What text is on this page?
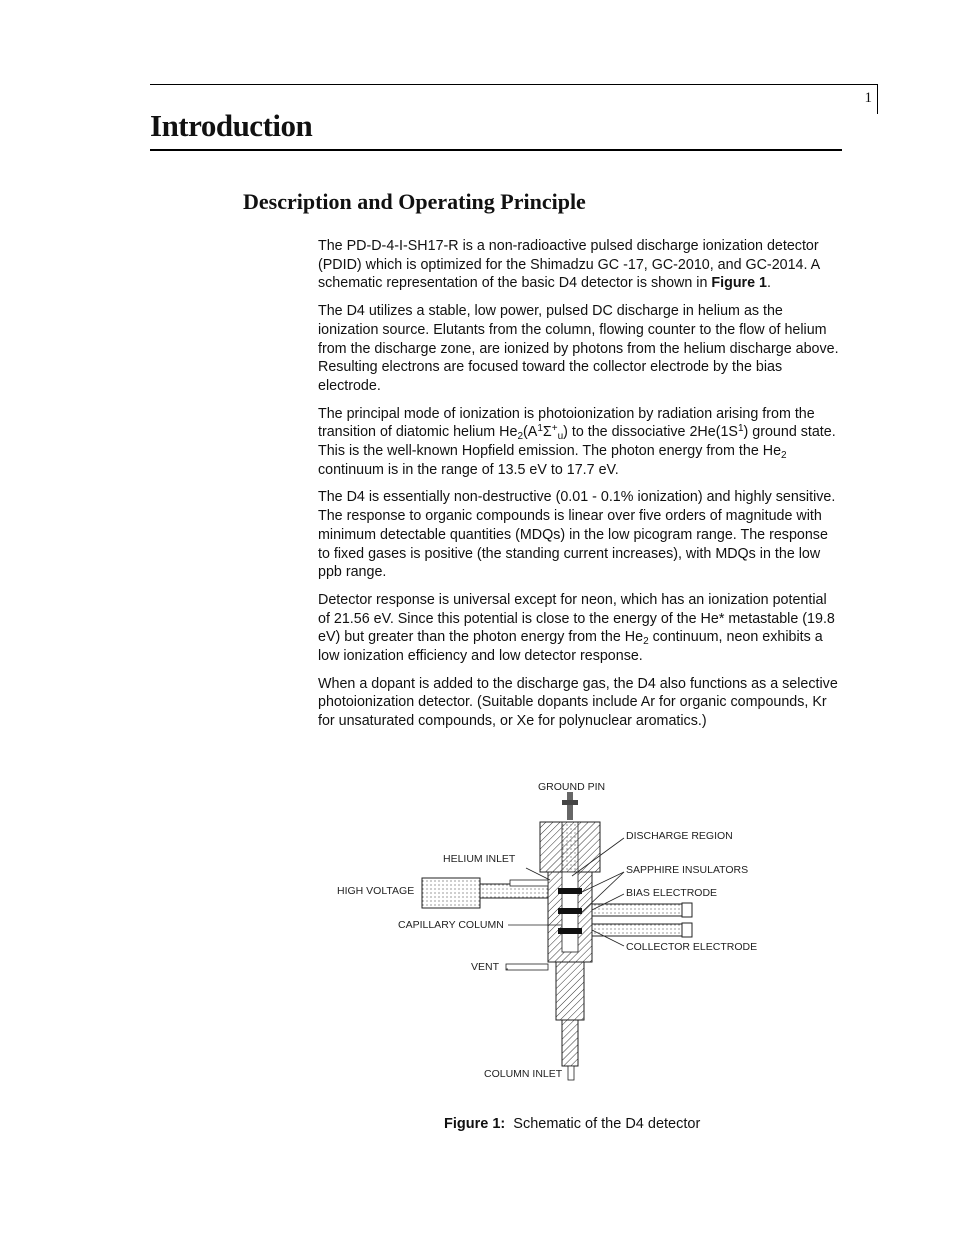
1
Introduction
Description and Operating Principle

The PD-D-4-I-SH17-R is a non-radioactive pulsed discharge ionization detector (PDID) which is optimized for the Shimadzu GC -17, GC-2010, and GC-2014. A schematic representation of the basic D4 detector is shown in Figure 1.

The D4 utilizes a stable, low power, pulsed DC discharge in helium as the ionization source. Elutants from the column, flowing counter to the flow of helium from the discharge zone, are ionized by photons from the helium discharge above. Resulting electrons are focused toward the collector electrode by the bias electrode.

The principal mode of ionization is photoionization by radiation arising from the transition of diatomic helium $He_2(A^1\Sigma^+_u)$ to the dissociative $2He(1S^1)$ ground state. This is the well-known Hopfield emission. The photon energy from the $He_2$ continuum is in the range of 13.5 eV to 17.7 eV.

The D4 is essentially non-destructive (0.01 - 0.1% ionization) and highly sensitive. The response to organic compounds is linear over five orders of magnitude with minimum detectable quantities (MDQs) in the low picogram range. The response to fixed gases is positive (the standing current increases), with MDQs in the low ppb range.

Detector response is universal except for neon, which has an ionization potential of 21.56 eV. Since this potential is close to the energy of the He* metastable (19.8 eV) but greater than the photon energy from the $He_2$ continuum, neon exhibits a low ionization efficiency and low detector response.

When a dopant is added to the discharge gas, the D4 also functions as a selective photoionization detector. (Suitable dopants include Ar for organic compounds, Kr for unsaturated compounds, or Xe for polynuclear aromatics.)

GROUND PIN
DISCHARGE REGION
HELIUM INLET
SAPPHIRE INSULATORS
HIGH VOLTAGE	BIAS ELECTRODE
CAPILLARY COLUMN
COLLECTOR ELECTRODE
VENT
COLUMN INLET
Figure 1: Schematic of the D4 detector
